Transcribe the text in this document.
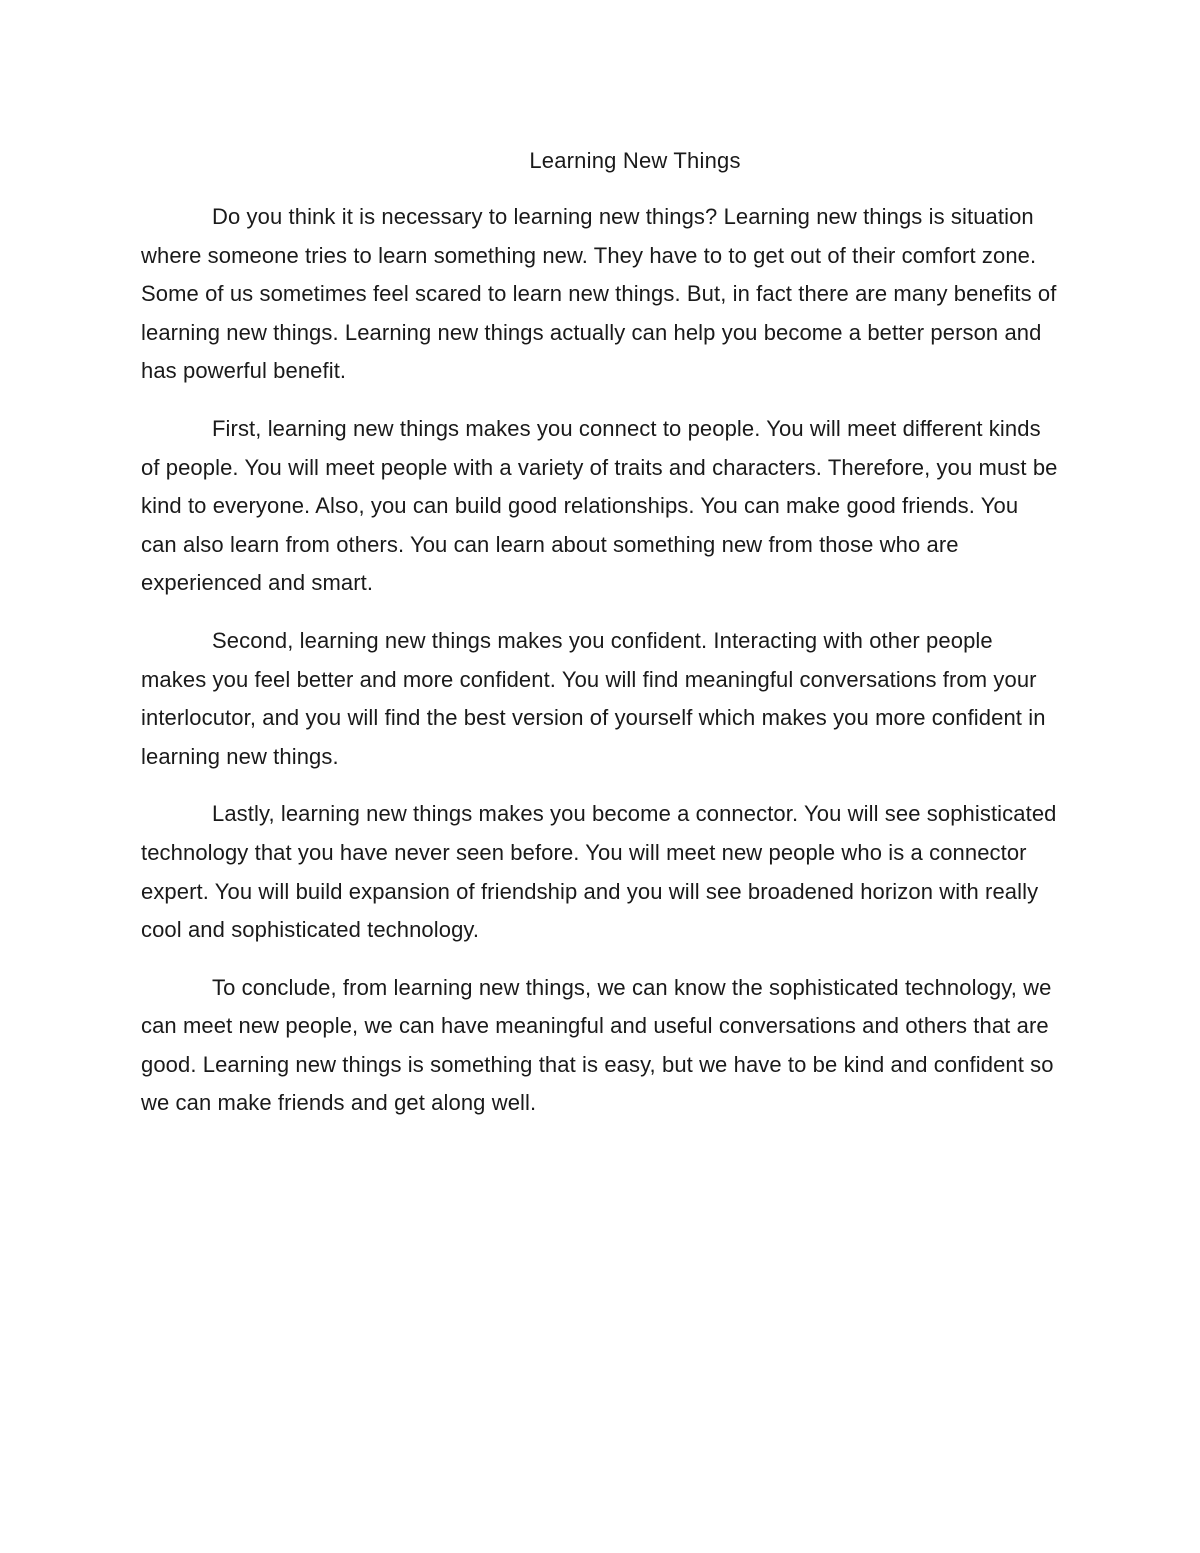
Learning New Things

Do you think it is necessary to learning new things? Learning new things is situation where someone tries to learn something new. They have to to get out of their comfort zone. Some of us sometimes feel scared to learn new things. But, in fact there are many benefits of learning new things. Learning new things actually can help you become a better person and has powerful benefit.

First, learning new things makes you connect to people. You will meet different kinds of people. You will meet people with a variety of traits and characters. Therefore, you must be kind to everyone. Also, you can build good relationships. You can make good friends. You can also learn from others. You can learn about something new from those who are experienced and smart.

Second, learning new things makes you confident. Interacting with other people makes you feel better and more confident. You will find meaningful conversations from your interlocutor, and you will find the best version of yourself which makes you more confident in learning new things.

Lastly, learning new things makes you become a connector. You will see sophisticated technology that you have never seen before. You will meet new people who is a connector expert. You will build expansion of friendship and you will see broadened horizon with really cool and sophisticated technology.

To conclude, from learning new things, we can know the sophisticated technology, we can meet new people, we can have meaningful and useful conversations and others that are good. Learning new things is something that is easy, but we have to be kind and confident so we can make friends and get along well.
